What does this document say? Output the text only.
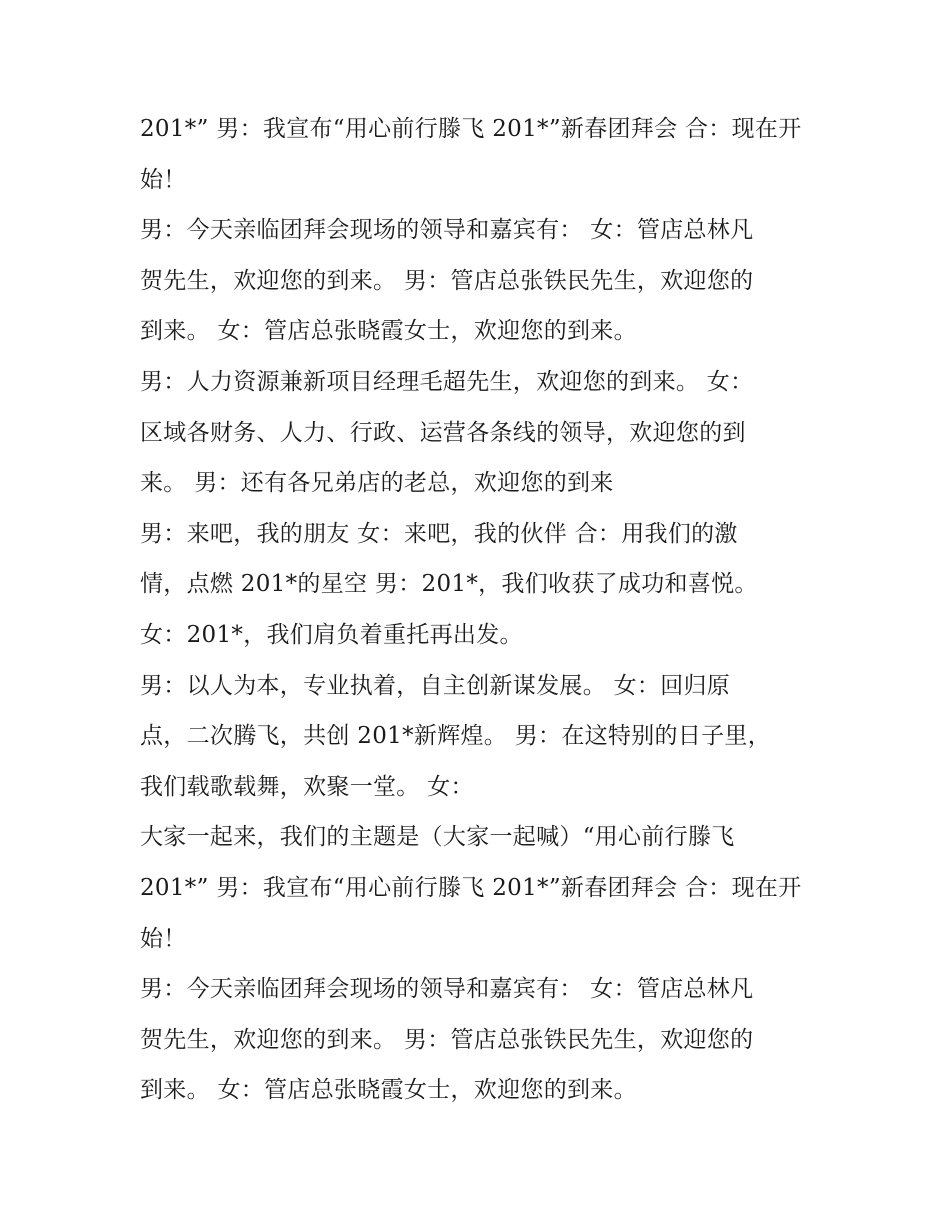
201*” 男：我宣布“用心前行滕飞 201*”新春团拜会 合：现在开
始！
男：今天亲临团拜会现场的领导和嘉宾有： 女：管店总林凡
贺先生，欢迎您的到来。 男：管店总张铁民先生，欢迎您的
到来。 女：管店总张晓霞女士，欢迎您的到来。
男：人力资源兼新项目经理毛超先生，欢迎您的到来。 女：
区域各财务、人力、行政、运营各条线的领导，欢迎您的到
来。 男：还有各兄弟店的老总，欢迎您的到来
男：来吧，我的朋友 女：来吧，我的伙伴 合：用我们的激
情，点燃 201*的星空 男：201*，我们收获了成功和喜悦。
女：201*，我们肩负着重托再出发。
男：以人为本，专业执着，自主创新谋发展。 女：回归原
点，二次腾飞，共创 201*新辉煌。 男：在这特别的日子里，
我们载歌载舞，欢聚一堂。 女：
大家一起来，我们的主题是（大家一起喊）“用心前行滕飞
201*” 男：我宣布“用心前行滕飞 201*”新春团拜会 合：现在开
始！
男：今天亲临团拜会现场的领导和嘉宾有： 女：管店总林凡
贺先生，欢迎您的到来。 男：管店总张铁民先生，欢迎您的
到来。 女：管店总张晓霞女士，欢迎您的到来。
